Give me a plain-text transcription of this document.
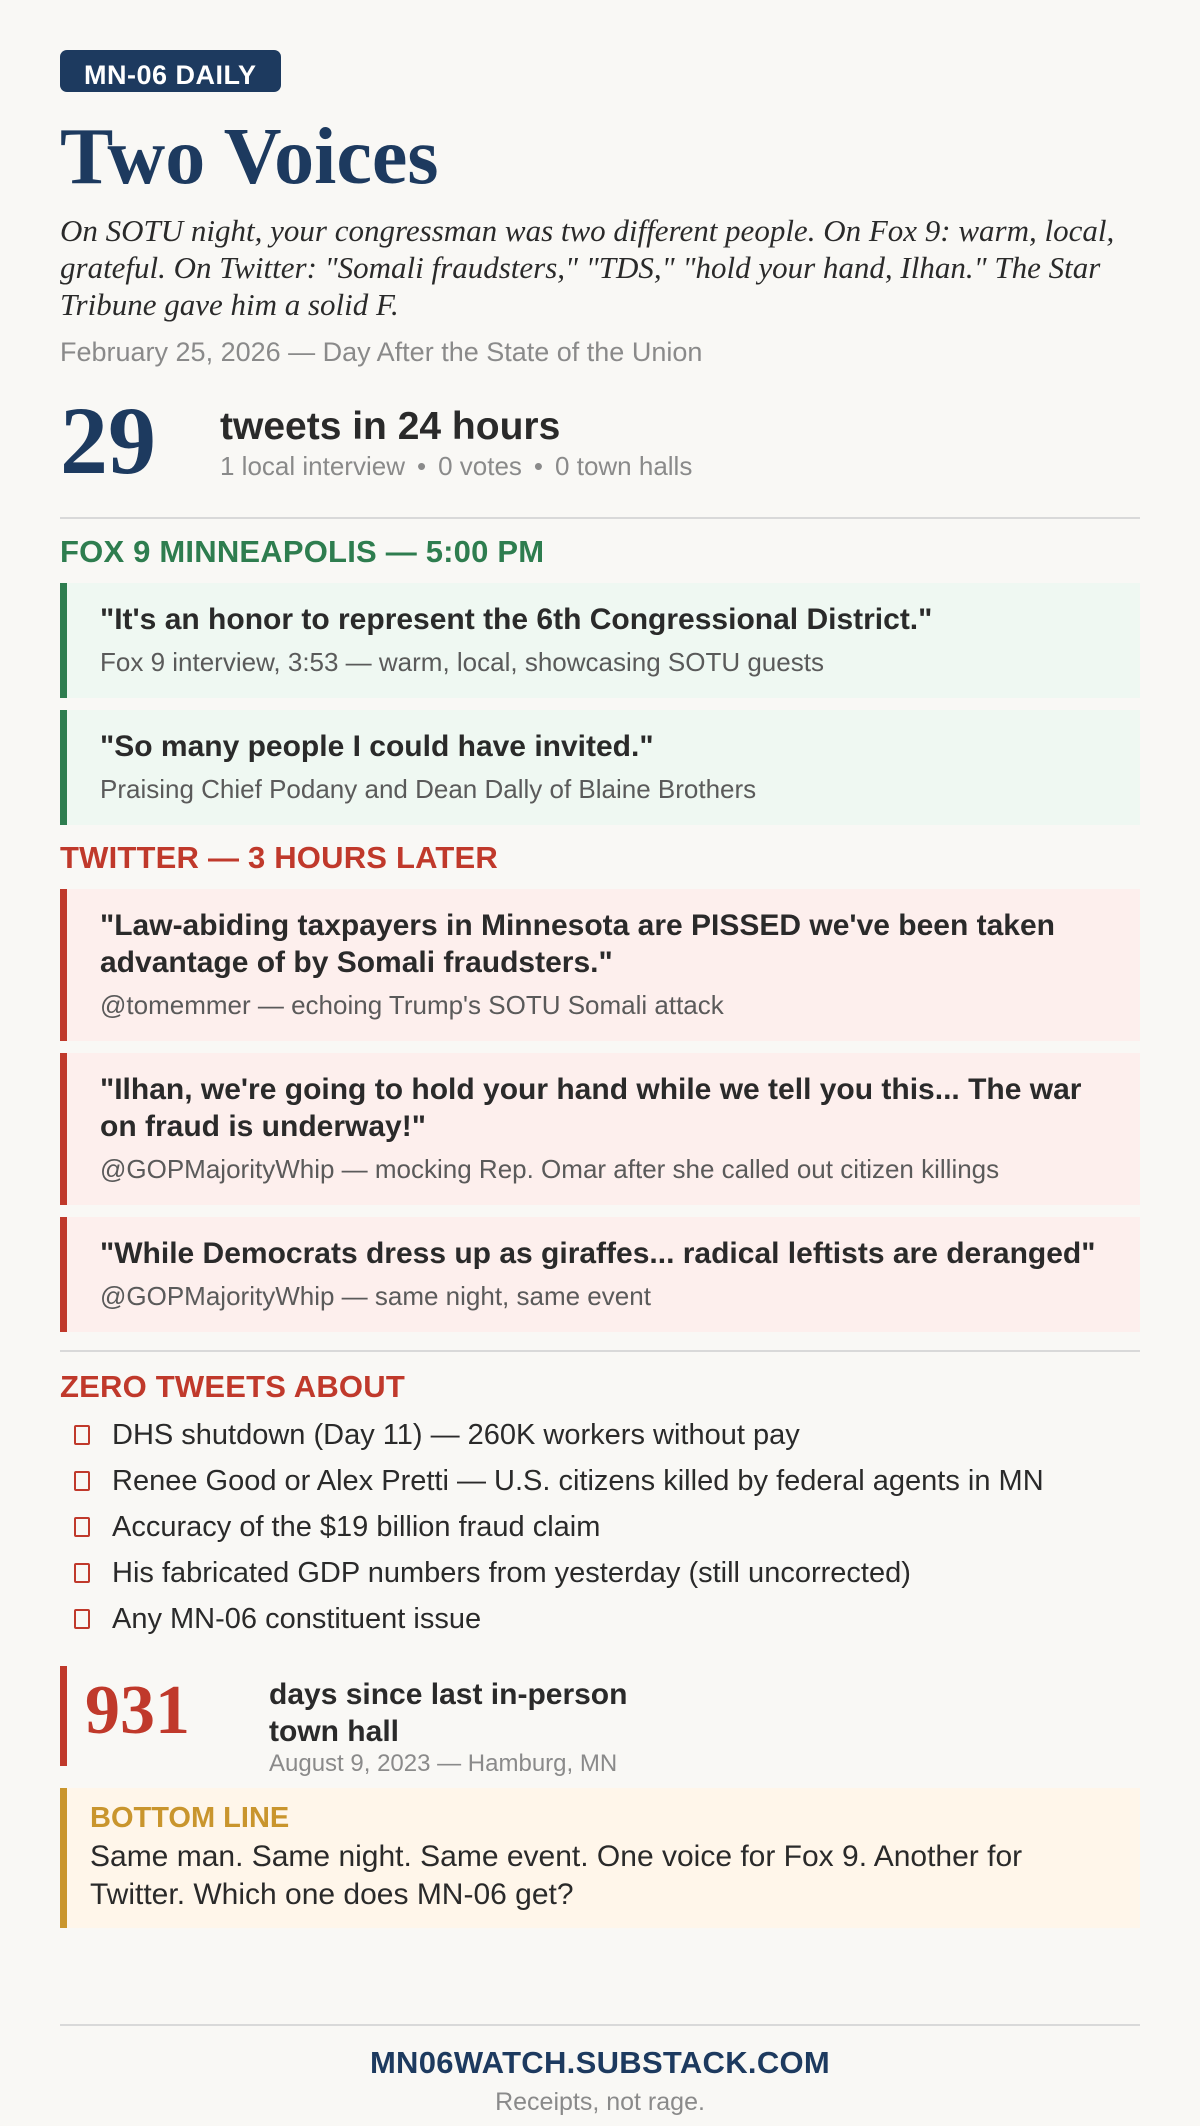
MN-06 DAILY
Two Voices

On SOTU night, your congressman was two different people. On Fox 9: warm, local, grateful. On Twitter: "Somali fraudsters," "TDS," "hold your hand, Ilhan." The Star Tribune gave him a solid F.

February 25, 2026 — Day After the State of the Union

29	tweets in 24 hours
1 local interview • 0 votes • 0 town halls
FOX 9 MINNEAPOLIS — 5:00 PM
"It's an honor to represent the 6th Congressional District."
Fox 9 interview, 3:53 — warm, local, showcasing SOTU guests
"So many people I could have invited."
Praising Chief Podany and Dean Dally of Blaine Brothers
TWITTER — 3 HOURS LATER
"Law-abiding taxpayers in Minnesota are PISSED we've been taken advantage of by Somali fraudsters."
@tomemmer — echoing Trump's SOTU Somali attack
"Ilhan, we're going to hold your hand while we tell you this... The war on fraud is underway!"
@GOPMajorityWhip — mocking Rep. Omar after she called out citizen killings
"While Democrats dress up as giraffes... radical leftists are deranged"
@GOPMajorityWhip — same night, same event
ZERO TWEETS ABOUT
DHS shutdown (Day 11) — 260K workers without pay
Renee Good or Alex Pretti — U.S. citizens killed by federal agents in MN
Accuracy of the $19 billion fraud claim
His fabricated GDP numbers from yesterday (still uncorrected)
Any MN-06 constituent issue
931	days since last in-person town hall
August 9, 2023 — Hamburg, MN
BOTTOM LINE
Same man. Same night. Same event. One voice for Fox 9. Another for Twitter. Which one does MN-06 get?
MN06WATCH.SUBSTACK.COM
Receipts, not rage.
